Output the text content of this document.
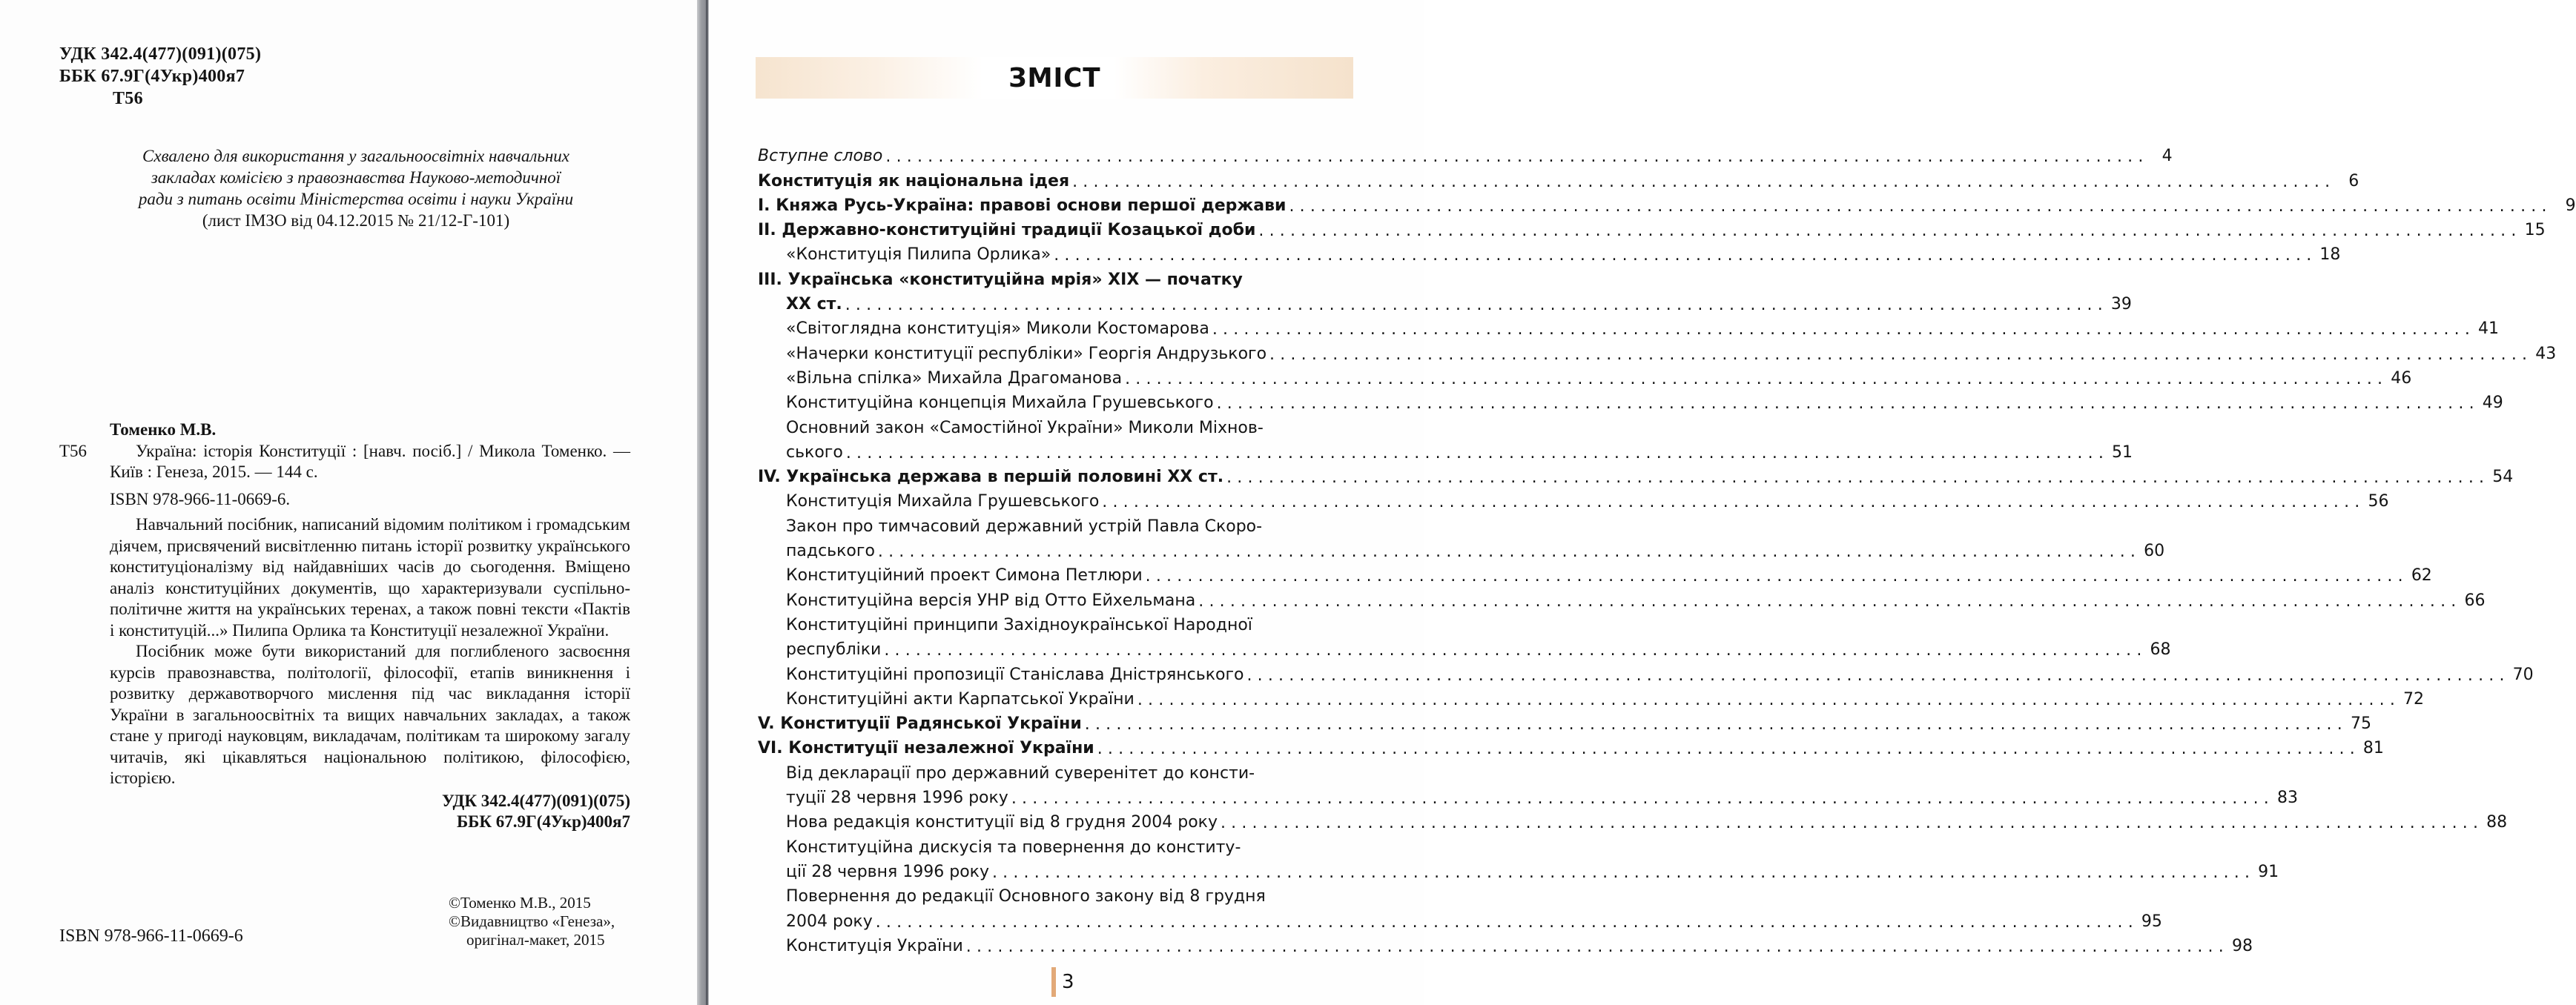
УДК 342.4(477)(091)(075)
ББК 67.9Г(4Укр)400я7
Т56
Схвалено для використання у загальноосвітніх навчальних
закладах комісією з правознавства Науково-методичної
ради з питань освіти Міністерства освіти і науки України
(лист ІМЗО від 04.12.2015 № 21/12-Г-101)
Томенко М.В.
Т56	Україна: історія Конституції : [навч. посіб.] / Микола Томенко. — Київ : Генеза, 2015. — 144 с.
ISBN 978-966-11-0669-6.
Навчальний посібник, написаний відомим політиком і громадським діячем, присвячений висвітленню питань історії розвитку українського конституціоналізму від найдавніших часів до сьогодення. Вміщено аналіз конституційних документів, що характеризували суспільно-політичне життя на українських теренах, а також повні тексти «Пактів і конституцій...» Пилипа Орлика та Конституції незалежної України.
Посібник може бути використаний для поглибленого засвоєння курсів правознавства, політології, філософії, етапів виникнення і розвитку державотворчого мислення під час викладання історії України в загальноосвітніх та вищих навчальних закладах, а також стане у пригоді науковцям, викладачам, політикам та широкому загалу читачів, які цікавляться національною політикою, філософією, історією.
УДК 342.4(477)(091)(075)
ББК 67.9Г(4Укр)400я7
ISBN 978-966-11-0669-6
©Томенко М.В., 2015
©Видавництво «Генеза»,
оригінал-макет, 2015
ЗМІСТ
Вступне слово ........................................................................................................................ 4
Конституція як національна ідея ........................................................................................................................ 6
І. Княжа Русь-Україна: правові основи першої держави ........................................................................................................................ 9
ІІ. Державно-конституційні традиції Козацької доби ........................................................................................................................ 15
«Конституція Пилипа Орлика» ........................................................................................................................ 18
ІІІ. Українська «конституційна мрія» ХІХ — початку
ХХ ст. ........................................................................................................................ 39
«Світоглядна конституція» Миколи Костомарова ........................................................................................................................ 41
«Начерки конституції республіки» Георгія Андрузького ........................................................................................................................ 43
«Вільна спілка» Михайла Драгоманова ........................................................................................................................ 46
Конституційна концепція Михайла Грушевського ........................................................................................................................ 49
Основний закон «Самостійної України» Миколи Міхнов-
ського ........................................................................................................................ 51
IV. Українська держава в першій половині ХХ ст. ........................................................................................................................ 54
Конституція Михайла Грушевського ........................................................................................................................ 56
Закон про тимчасовий державний устрій Павла Скоро-
падського ........................................................................................................................ 60
Конституційний проект Симона Петлюри ........................................................................................................................ 62
Конституційна версія УНР від Отто Ейхельмана ........................................................................................................................ 66
Конституційні принципи Західноукраїнської Народної
республіки ........................................................................................................................ 68
Конституційні пропозиції Станіслава Дністрянського ........................................................................................................................ 70
Конституційні акти Карпатської України ........................................................................................................................ 72
V. Конституції Радянської України ........................................................................................................................ 75
VI. Конституції незалежної України ........................................................................................................................ 81
Від декларації про державний суверенітет до консти-
туції 28 червня 1996 року ........................................................................................................................ 83
Нова редакція конституції від 8 грудня 2004 року ........................................................................................................................ 88
Конституційна дискусія та повернення до конститу-
ції 28 червня 1996 року ........................................................................................................................ 91
Повернення до редакції Основного закону від 8 грудня
2004 року ........................................................................................................................ 95
Конституція України ........................................................................................................................ 98
3
